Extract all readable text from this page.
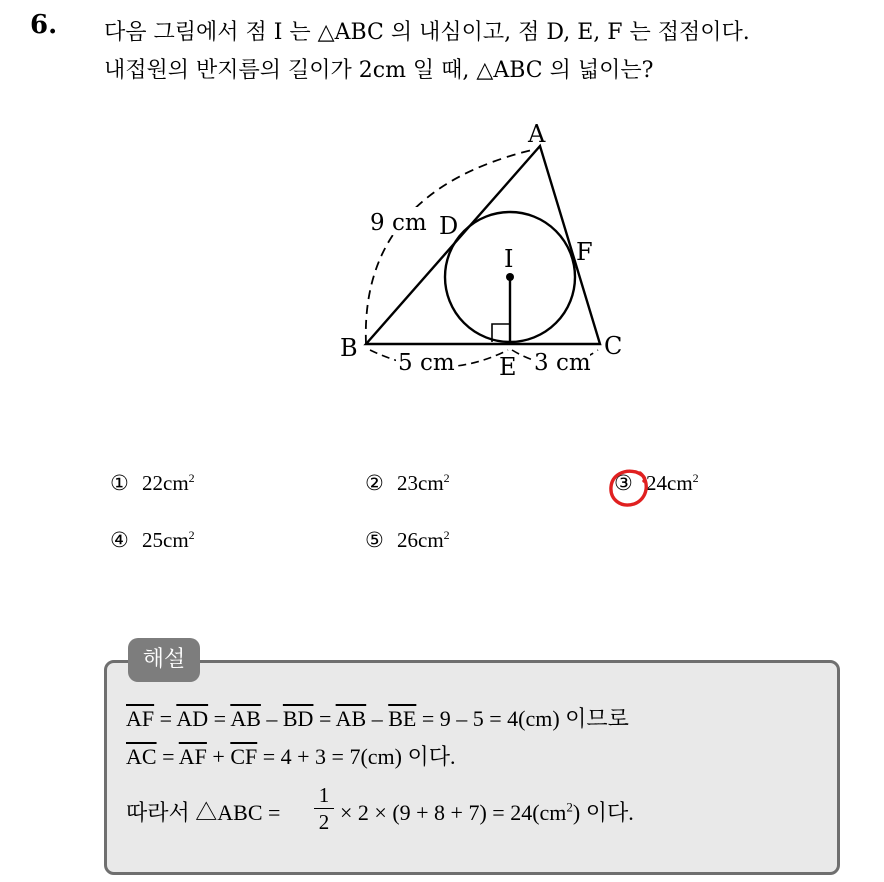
6. 다음 그림에서 점 I 는 △ABC 의 내심이고, 점 D, E, F 는 접점이다.
내접원의 반지름의 길이가 2cm 일 때, △ABC 의 넓이는?
A
B	C
D
E
F
I
9 cm
5 cm	3 cm
① $22cm^2$	② $23cm^2$	③ $24cm^2$
④ $25cm^2$	⑤ $26cm^2$
해설
$\overline{AF} = \overline{AD} = \overline{AB} - \overline{BD} = \overline{AB} - \overline{BE} = 9 - 5 = 4(cm)$ 이므로
$\overline{AC} = \overline{AF} + \overline{CF} = 4 + 3 = 7(cm)$ 이다.
따라서 △ABC =
1
$2 \times 2 \times (9 + 8 + 7) = 24(cm^2)$ 이다.
